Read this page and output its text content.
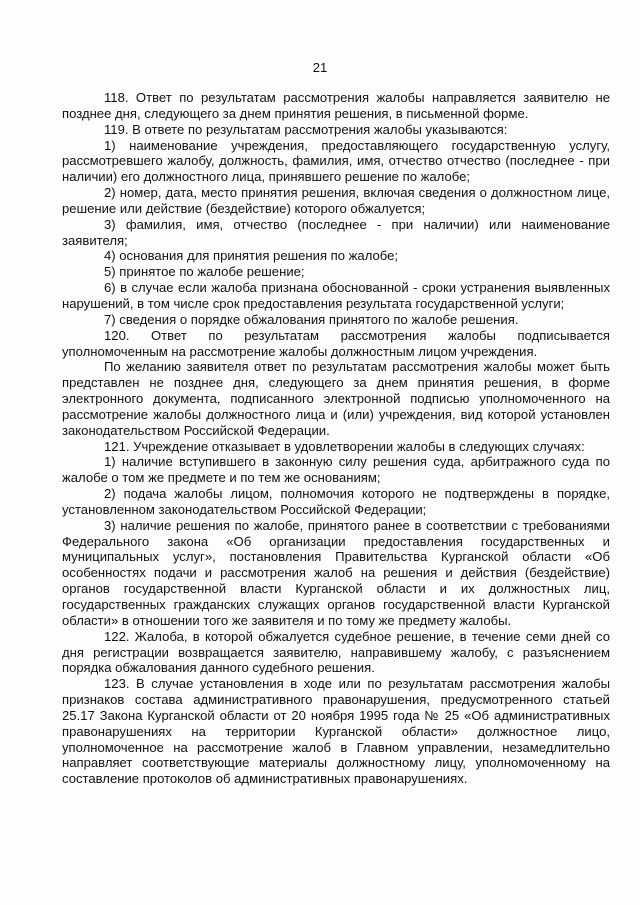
21

118. Ответ по результатам рассмотрения жалобы направляется заявителю не позднее дня, следующего за днем принятия решения, в письменной форме.

119. В ответе по результатам рассмотрения жалобы указываются:

1) наименование учреждения, предоставляющего государственную услугу, рассмотревшего жалобу, должность, фамилия, имя, отчество отчество (последнее - при наличии) его должностного лица, принявшего решение по жалобе;

2) номер, дата, место принятия решения, включая сведения о должностном лице, решение или действие (бездействие) которого обжалуется;

3) фамилия, имя, отчество (последнее - при наличии) или наименование заявителя;

4) основания для принятия решения по жалобе;

5) принятое по жалобе решение;

6) в случае если жалоба признана обоснованной - сроки устранения выявленных нарушений, в том числе срок предоставления результата государственной услуги;

7) сведения о порядке обжалования принятого по жалобе решения.

120. Ответ по результатам рассмотрения жалобы подписывается уполномоченным на рассмотрение жалобы должностным лицом учреждения.

По желанию заявителя ответ по результатам рассмотрения жалобы может быть представлен не позднее дня, следующего за днем принятия решения, в форме электронного документа, подписанного электронной подписью уполномоченного на рассмотрение жалобы должностного лица и (или) учреждения, вид которой установлен законодательством Российской Федерации.

121. Учреждение отказывает в удовлетворении жалобы в следующих случаях:

1) наличие вступившего в законную силу решения суда, арбитражного суда по жалобе о том же предмете и по тем же основаниям;

2) подача жалобы лицом, полномочия которого не подтверждены в порядке, установленном законодательством Российской Федерации;

3) наличие решения по жалобе, принятого ранее в соответствии с требованиями Федерального закона «Об организации предоставления государственных и муниципальных услуг», постановления Правительства Курганской области «Об особенностях подачи и рассмотрения жалоб на решения и действия (бездействие) органов государственной власти Курганской области и их должностных лиц, государственных гражданских служащих органов государственной власти Курганской области» в отношении того же заявителя и по тому же предмету жалобы.

122. Жалоба, в которой обжалуется судебное решение, в течение семи дней со дня регистрации возвращается заявителю, направившему жалобу, с разъяснением порядка обжалования данного судебного решения.

123. В случае установления в ходе или по результатам рассмотрения жалобы признаков состава административного правонарушения, предусмотренного статьей 25.17 Закона Курганской области от 20 ноября 1995 года № 25 «Об административных правонарушениях на территории Курганской области» должностное лицо, уполномоченное на рассмотрение жалоб в Главном управлении, незамедлительно направляет соответствующие материалы должностному лицу, уполномоченному на составление протоколов об административных правонарушениях.
